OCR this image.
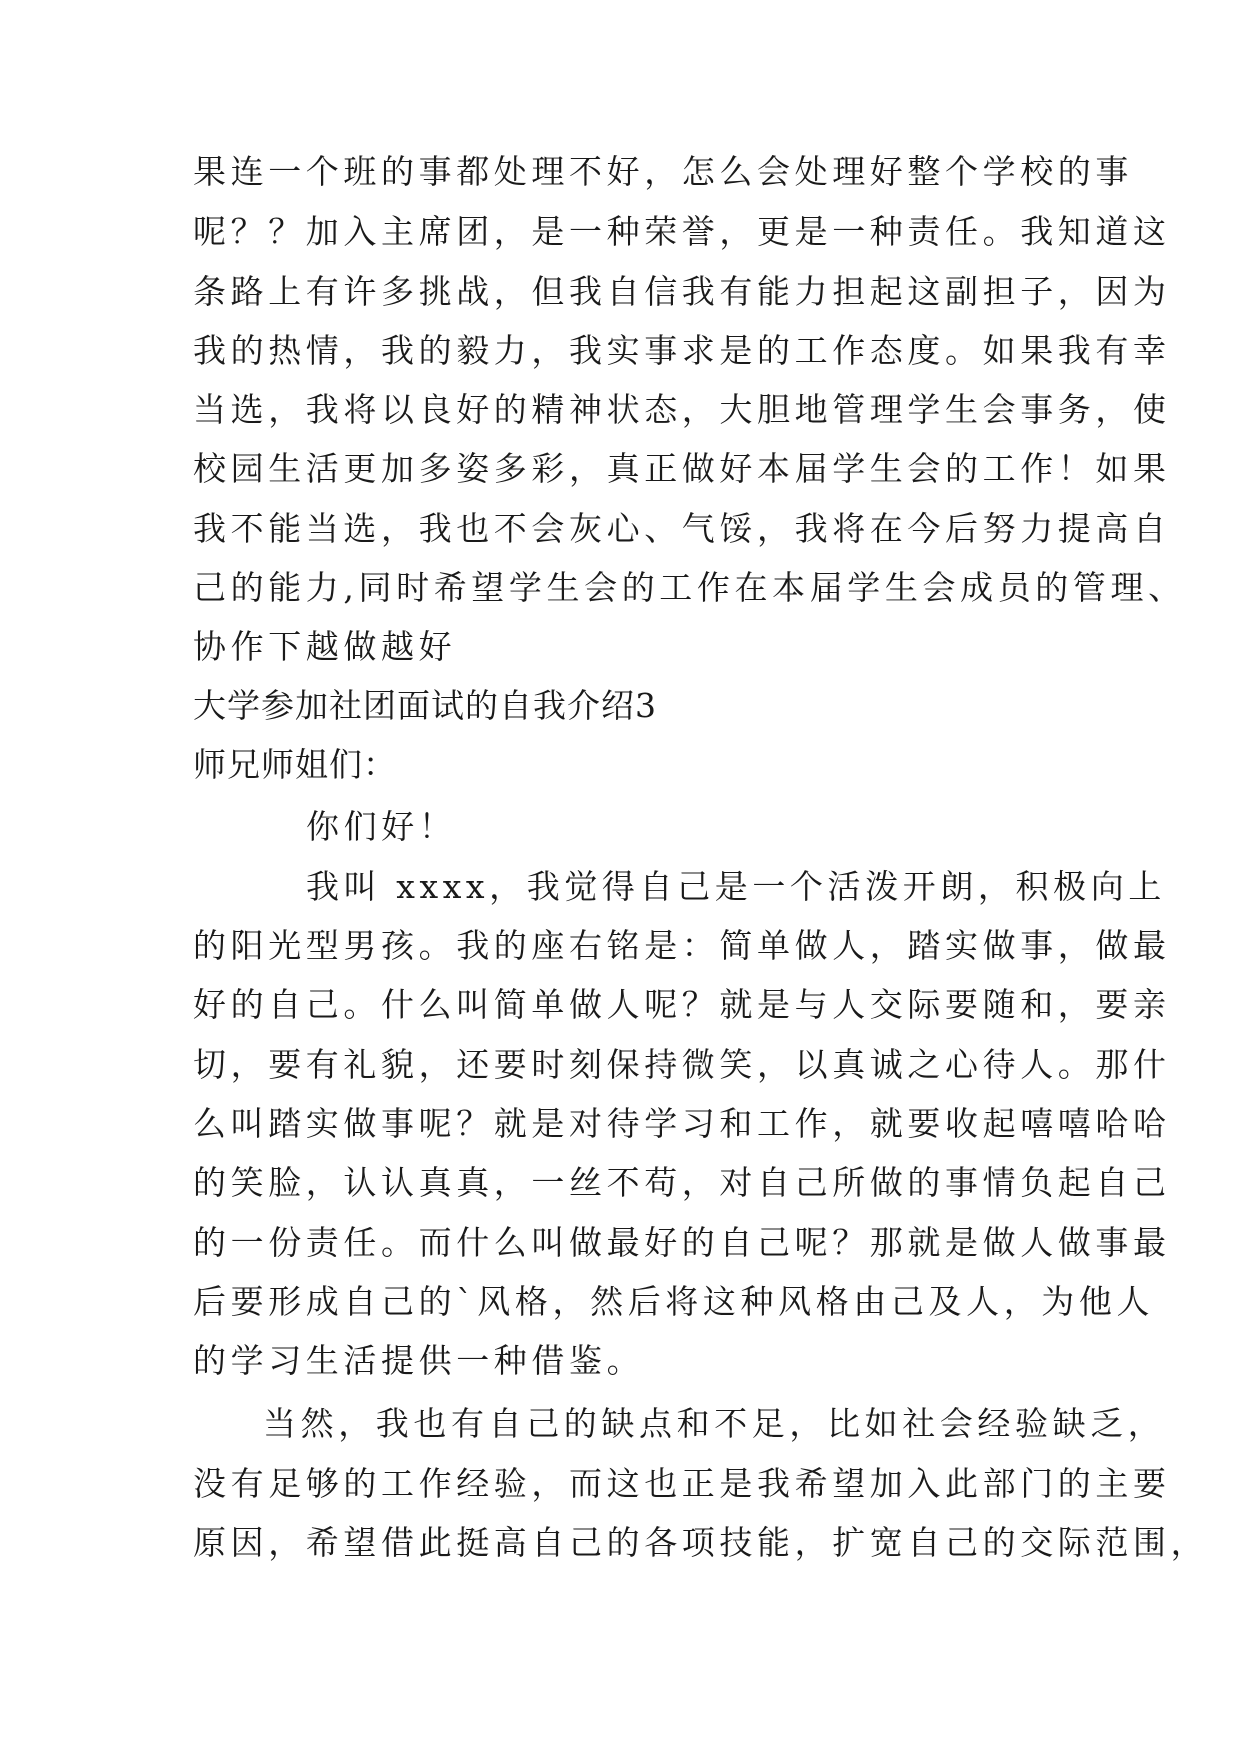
果连一个班的事都处理不好，怎么会处理好整个学校的事
呢？？加入主席团，是一种荣誉，更是一种责任。我知道这
条路上有许多挑战，但我自信我有能力担起这副担子，因为
我的热情，我的毅力，我实事求是的工作态度。如果我有幸
当选，我将以良好的精神状态，大胆地管理学生会事务，使
校园生活更加多姿多彩，真正做好本届学生会的工作！如果
我不能当选，我也不会灰心、气馁，我将在今后努力提高自
己的能力,同时希望学生会的工作在本届学生会成员的管理、
协作下越做越好
大学参加社团面试的自我介绍3
师兄师姐们：
你们好！
我叫 xxxx，我觉得自己是一个活泼开朗，积极向上
的阳光型男孩。我的座右铭是：简单做人，踏实做事，做最
好的自己。什么叫简单做人呢？就是与人交际要随和，要亲
切，要有礼貌，还要时刻保持微笑，以真诚之心待人。那什
么叫踏实做事呢？就是对待学习和工作，就要收起嘻嘻哈哈
的笑脸，认认真真，一丝不苟，对自己所做的事情负起自己
的一份责任。而什么叫做最好的自己呢？那就是做人做事最
后要形成自己的`风格，然后将这种风格由己及人，为他人
的学习生活提供一种借鉴。
当然，我也有自己的缺点和不足，比如社会经验缺乏，
没有足够的工作经验，而这也正是我希望加入此部门的主要
原因，希望借此挺高自己的各项技能，扩宽自己的交际范围，
